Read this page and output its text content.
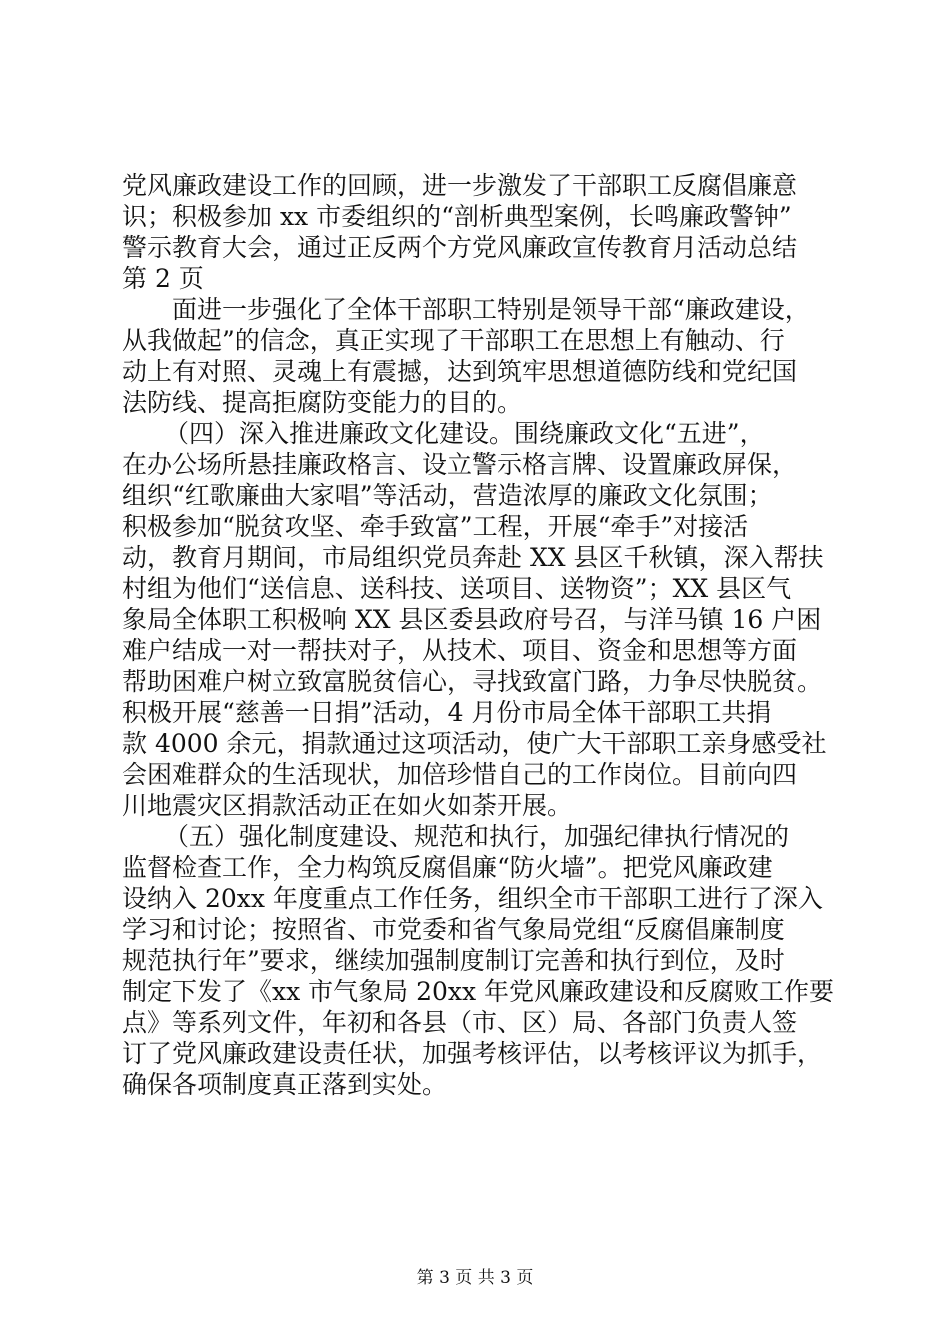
党风廉政建设工作的回顾，进一步激发了干部职工反腐倡廉意
识；积极参加 xx 市委组织的“剖析典型案例，长鸣廉政警钟”
警示教育大会，通过正反两个方党风廉政宣传教育月活动总结
第 2 页
面进一步强化了全体干部职工特别是领导干部“廉政建设，
从我做起”的信念，真正实现了干部职工在思想上有触动、行
动上有对照、灵魂上有震撼，达到筑牢思想道德防线和党纪国
法防线、提高拒腐防变能力的目的。
（四）深入推进廉政文化建设。围绕廉政文化“五进”，
在办公场所悬挂廉政格言、设立警示格言牌、设置廉政屏保，
组织“红歌廉曲大家唱”等活动，营造浓厚的廉政文化氛围；
积极参加“脱贫攻坚、牵手致富”工程，开展“牵手”对接活
动，教育月期间，市局组织党员奔赴 XX 县区千秋镇，深入帮扶
村组为他们“送信息、送科技、送项目、送物资”；XX 县区气
象局全体职工积极响 XX 县区委县政府号召，与洋马镇 16 户困
难户结成一对一帮扶对子，从技术、项目、资金和思想等方面
帮助困难户树立致富脱贫信心，寻找致富门路，力争尽快脱贫。
积极开展“慈善一日捐”活动，4 月份市局全体干部职工共捐
款 4000 余元，捐款通过这项活动，使广大干部职工亲身感受社
会困难群众的生活现状，加倍珍惜自己的工作岗位。目前向四
川地震灾区捐款活动正在如火如荼开展。
（五）强化制度建设、规范和执行，加强纪律执行情况的
监督检查工作，全力构筑反腐倡廉“防火墙”。把党风廉政建
设纳入 20xx 年度重点工作任务，组织全市干部职工进行了深入
学习和讨论；按照省、市党委和省气象局党组“反腐倡廉制度
规范执行年”要求，继续加强制度制订完善和执行到位，及时
制定下发了《xx 市气象局 20xx 年党风廉政建设和反腐败工作要
点》等系列文件，年初和各县（市、区）局、各部门负责人签
订了党风廉政建设责任状，加强考核评估，以考核评议为抓手，
确保各项制度真正落到实处。
第 3 页 共 3 页
